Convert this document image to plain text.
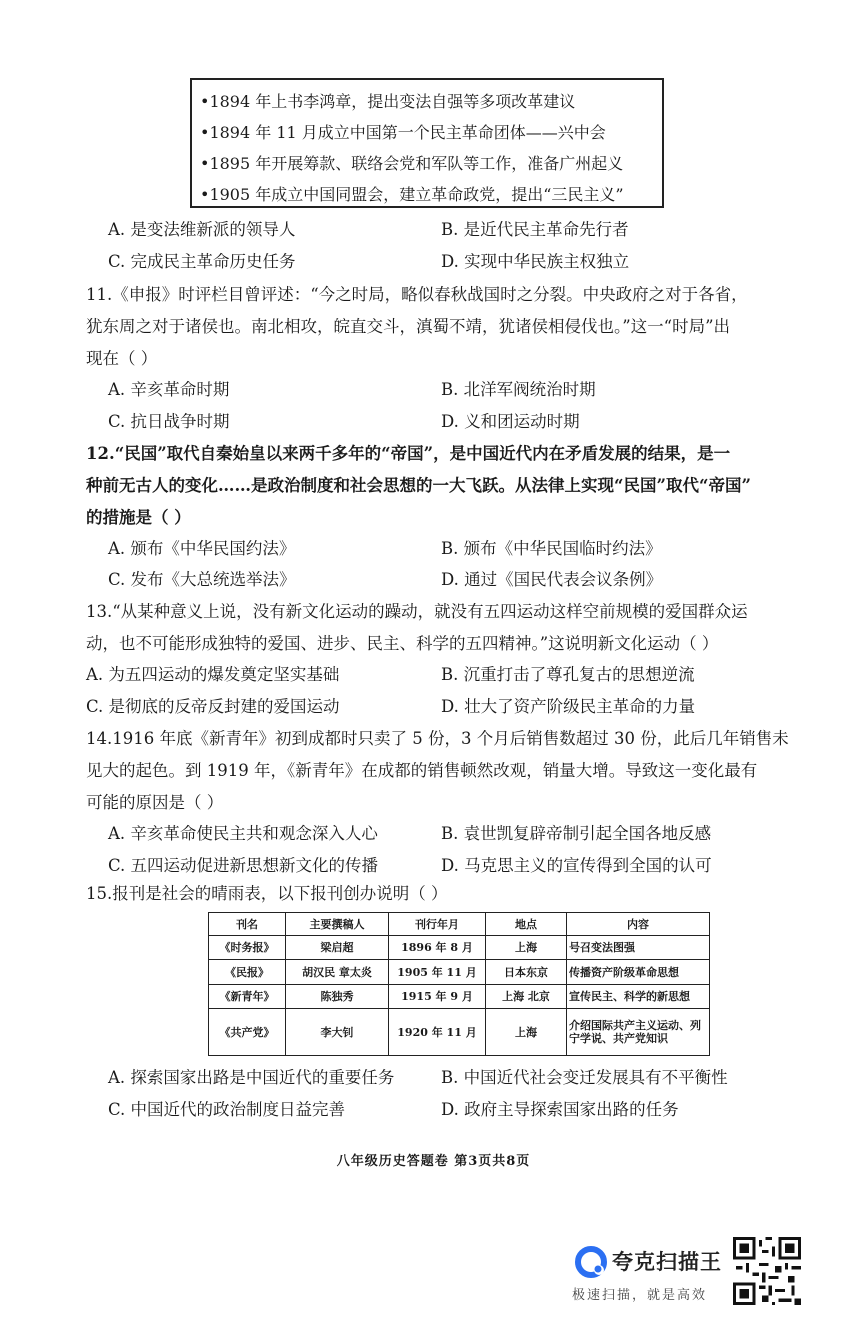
•1894 年上书李鸿章，提出变法自强等多项改革建议
•1894 年 11 月成立中国第一个民主革命团体——兴中会
•1895 年开展筹款、联络会党和军队等工作，准备广州起义
•1905 年成立中国同盟会，建立革命政党，提出“三民主义”
A. 是变法维新派的领导人	B. 是近代民主革命先行者
C. 完成民主革命历史任务	D. 实现中华民族主权独立
11.《申报》时评栏目曾评述：“今之时局，略似春秋战国时之分裂。中央政府之对于各省，
犹东周之对于诸侯也。南北相攻，皖直交斗，滇蜀不靖，犹诸侯相侵伐也。”这一“时局”出
现在（ ）
A. 辛亥革命时期	B. 北洋军阀统治时期
C. 抗日战争时期	D. 义和团运动时期
12.“民国”取代自秦始皇以来两千多年的“帝国”，是中国近代内在矛盾发展的结果，是一
种前无古人的变化……是政治制度和社会思想的一大飞跃。从法律上实现“民国”取代“帝国”
的措施是（ ）
A. 颁布《中华民国约法》	B. 颁布《中华民国临时约法》
C. 发布《大总统选举法》	D. 通过《国民代表会议条例》
13.“从某种意义上说，没有新文化运动的躁动，就没有五四运动这样空前规模的爱国群众运
动，也不可能形成独特的爱国、进步、民主、科学的五四精神。”这说明新文化运动（ ）
A. 为五四运动的爆发奠定坚实基础	B. 沉重打击了尊孔复古的思想逆流
C. 是彻底的反帝反封建的爱国运动	D. 壮大了资产阶级民主革命的力量
14.1916 年底《新青年》初到成都时只卖了 5 份，3 个月后销售数超过 30 份，此后几年销售未
见大的起色。到 1919 年，《新青年》在成都的销售顿然改观，销量大增。导致这一变化最有
可能的原因是（ ）
A. 辛亥革命使民主共和观念深入人心	B. 袁世凯复辟帝制引起全国各地反感
C. 五四运动促进新思想新文化的传播	D. 马克思主义的宣传得到全国的认可
15.报刊是社会的晴雨表，以下报刊创办说明（ ）
刊名	主要撰稿人	刊行年月	地点	内容
《时务报》	梁启超	1896 年 8 月	上海	号召变法图强
《民报》	胡汉民 章太炎	1905 年 11 月	日本东京	传播资产阶级革命思想
《新青年》	陈独秀	1915 年 9 月	上海 北京	宣传民主、科学的新思想
《共产党》	李大钊	1920 年 11 月	上海	介绍国际共产主义运动、列宁学说、共产党知识
A. 探索国家出路是中国近代的重要任务	B. 中国近代社会变迁发展具有不平衡性
C. 中国近代的政治制度日益完善	D. 政府主导探索国家出路的任务
八年级历史答题卷 第3页共8页
夸克扫描王
极速扫描，就是高效
